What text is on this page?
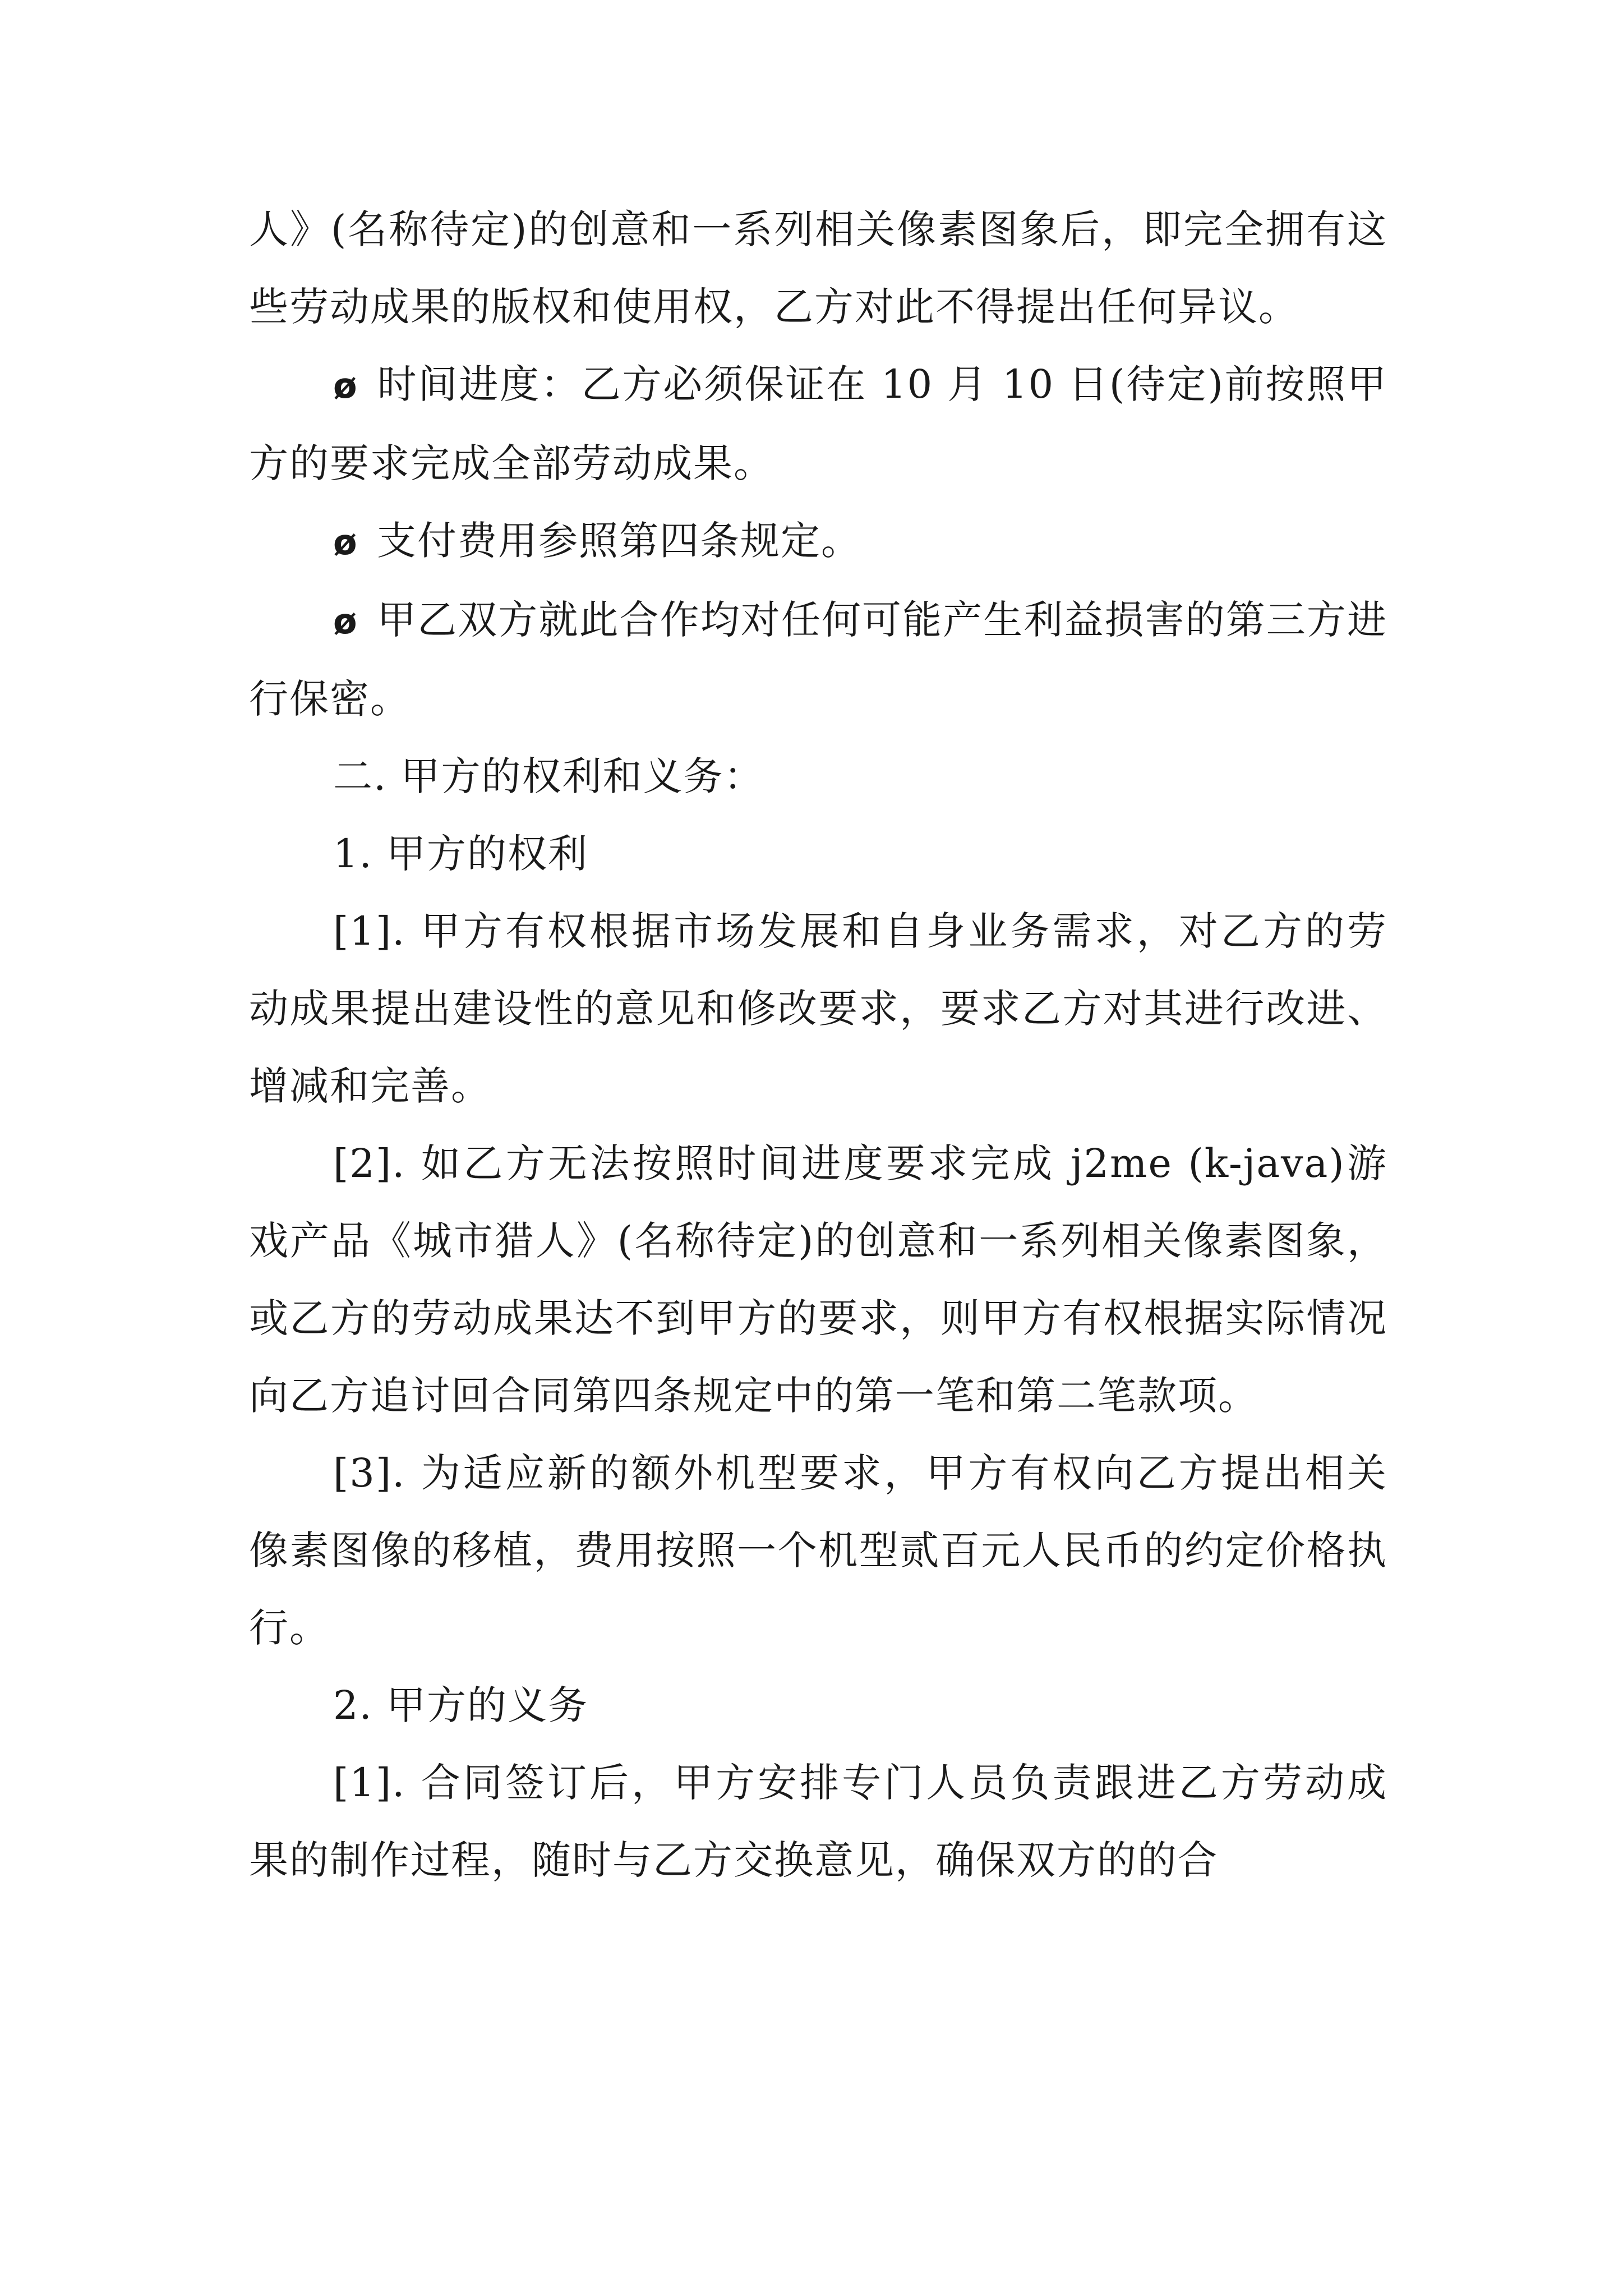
人》(名称待定)的创意和一系列相关像素图象后，即完全拥有这些劳动成果的版权和使用权，乙方对此不得提出任何异议。

ø 时间进度：乙方必须保证在 10 月 10 日(待定)前按照甲方的要求完成全部劳动成果。

ø 支付费用参照第四条规定。

ø 甲乙双方就此合作均对任何可能产生利益损害的第三方进行保密。

二. 甲方的权利和义务：

1. 甲方的权利

[1]. 甲方有权根据市场发展和自身业务需求，对乙方的劳动成果提出建设性的意见和修改要求，要求乙方对其进行改进、增减和完善。

[2]. 如乙方无法按照时间进度要求完成 j2me (k-java)游戏产品《城市猎人》(名称待定)的创意和一系列相关像素图象，或乙方的劳动成果达不到甲方的要求，则甲方有权根据实际情况向乙方追讨回合同第四条规定中的第一笔和第二笔款项。

[3]. 为适应新的额外机型要求，甲方有权向乙方提出相关像素图像的移植，费用按照一个机型贰百元人民币的约定价格执行。

2. 甲方的义务

[1]. 合同签订后，甲方安排专门人员负责跟进乙方劳动成果的制作过程，随时与乙方交换意见，确保双方的的合
